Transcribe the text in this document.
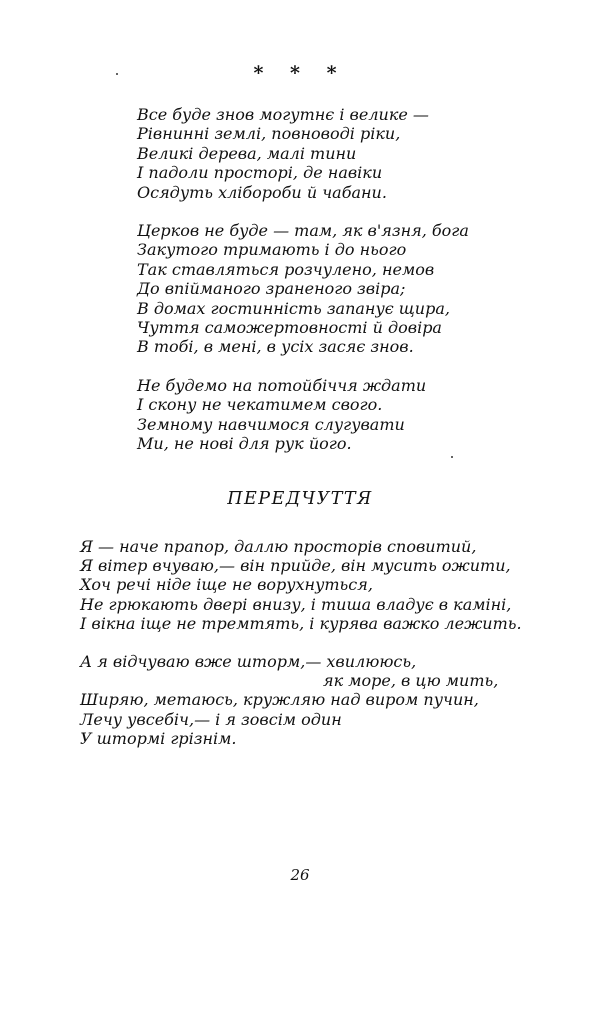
* * *
Все буде знов могутнє і велике —
Рівнинні землі, повноводі ріки,
Великі дерева, малі тини
І падоли просторі, де навіки
Осядуть хлібороби й чабани.
Церков не буде — там, як в'язня, бога
Закутого тримають і до нього
Так ставляться розчулено, немов
До впійманого зраненого звіра;
В домах гостинність запанує щира,
Чуття саможертовності й довіра
В тобі, в мені, в усіх засяє знов.
Не будемо на потойбіччя ждати
І скону не чекатимем свого.
Земному навчимося слугувати
Ми, не нові для рук його.
ПЕРЕДЧУТТЯ
Я — наче прапор, даллю просторів сповитий,
Я вітер вчуваю,— він прийде, він мусить ожити,
Хоч речі ніде іще не ворухнуться,
Не грюкають двері внизу, і тиша владує в каміні,
І вікна іще не тремтять, і курява важко лежить.
А я відчуваю вже шторм,— хвилююсь,
як море, в цю мить,
Ширяю, метаюсь, кружляю над виром пучин,
Лечу увсебіч,— і я зовсім один
У штормі грізнім.
26
